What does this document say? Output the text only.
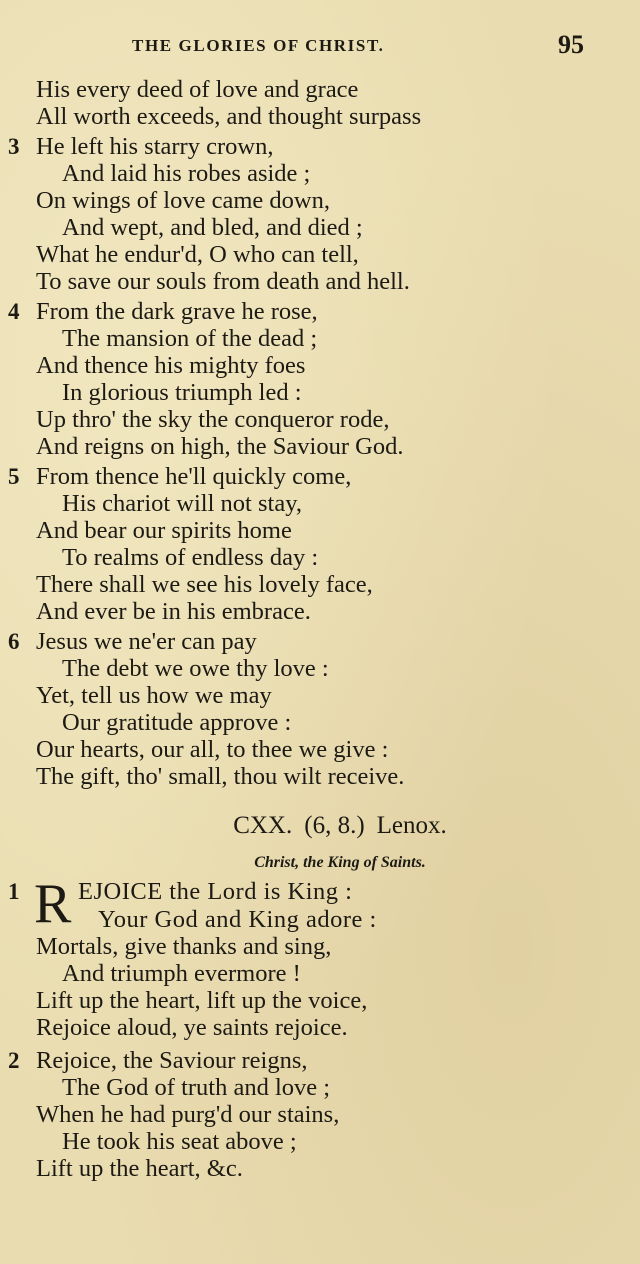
THE GLORIES OF CHRIST.	95
His every deed of love and grace
All worth exceeds, and thought surpass
3 He left his starry crown,
And laid his robes aside ;
On wings of love came down,
And wept, and bled, and died ;
What he endur'd, O who can tell,
To save our souls from death and hell.
4 From the dark grave he rose,
The mansion of the dead ;
And thence his mighty foes
In glorious triumph led :
Up thro' the sky the conqueror rode,
And reigns on high, the Saviour God.
5 From thence he'll quickly come,
His chariot will not stay,
And bear our spirits home
To realms of endless day :
There shall we see his lovely face,
And ever be in his embrace.
6 Jesus we ne'er can pay
The debt we owe thy love :
Yet, tell us how we may
Our gratitude approve :
Our hearts, our all, to thee we give :
The gift, tho' small, thou wilt receive.
CXX. (6, 8.) Lenox.
Christ, the King of Saints.
1 R EJOICE the Lord is King :
Your God and King adore :
Mortals, give thanks and sing,
And triumph evermore !
Lift up the heart, lift up the voice,
Rejoice aloud, ye saints rejoice.
2 Rejoice, the Saviour reigns,
The God of truth and love ;
When he had purg'd our stains,
He took his seat above ;
Lift up the heart, &c.
